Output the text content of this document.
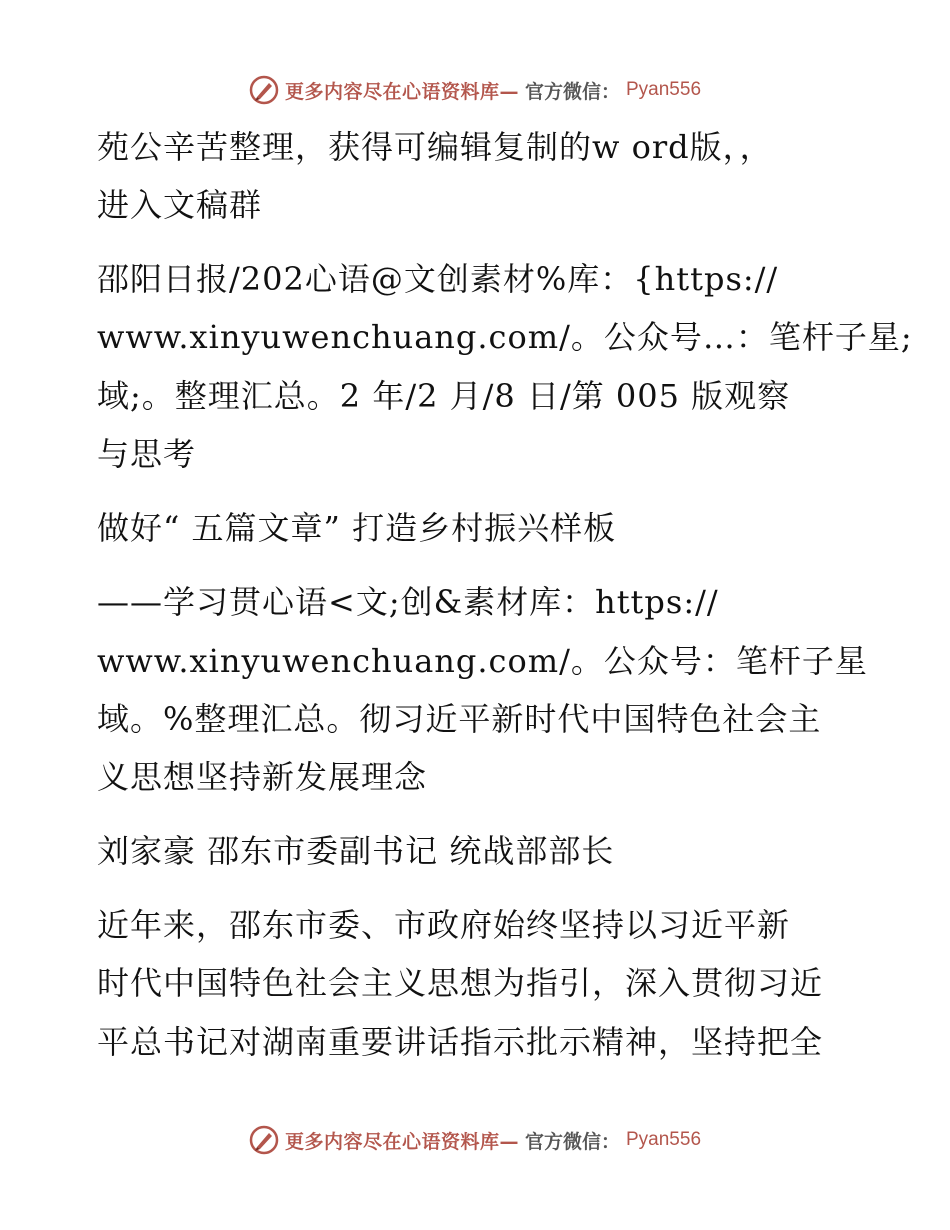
更多内容尽在心语资料库— 官方微信： Pyan556
苑公辛苦整理，获得可编辑复制的w ord版，，
进入文稿群
邵阳日报/202心语@文创素材%库：{https://
www.xinyuwenchuang.com/。公众号…：笔杆子星;
域;。整理汇总。2 年/2 月/8 日/第 005 版观察
与思考
做好“ 五篇文章” 打造乡村振兴样板
——学习贯心语<文;创&素材库：https://
www.xinyuwenchuang.com/。公众号：笔杆子星
域。%整理汇总。彻习近平新时代中国特色社会主
义思想坚持新发展理念
刘家豪 邵东市委副书记 统战部部长
近年来，邵东市委、市政府始终坚持以习近平新
时代中国特色社会主义思想为指引，深入贯彻习近
平总书记对湖南重要讲话指示批示精神，坚持把全
更多内容尽在心语资料库— 官方微信： Pyan556
